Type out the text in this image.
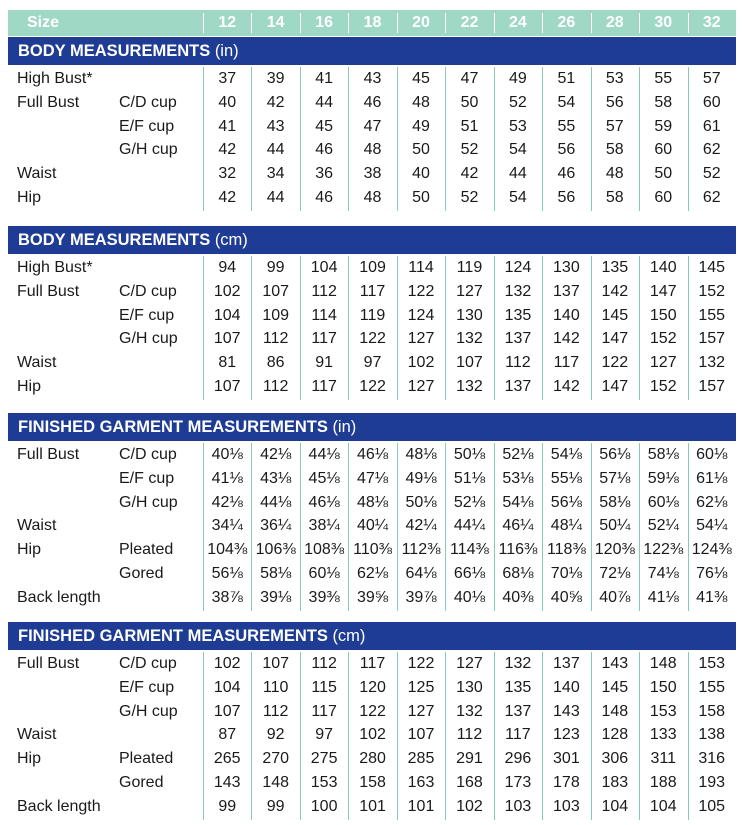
Size	12	14	16	18	20	22	24	26	28	30	32
BODY MEASUREMENTS (in)
High Bust*	37	39	41	43	45	47	49	51	53	55	57
Full Bust C/D cup	40	42	44	46	48	50	52	54	56	58	60
E/F cup	41	43	45	47	49	51	53	55	57	59	61
G/H cup	42	44	46	48	50	52	54	56	58	60	62
Waist	32	34	36	38	40	42	44	46	48	50	52
Hip	42	44	46	48	50	52	54	56	58	60	62
BODY MEASUREMENTS (cm)
High Bust*	94	99	104	109	114	119	124	130	135	140	145
Full Bust C/D cup	102	107	112	117	122	127	132	137	142	147	152
E/F cup	104	109	114	119	124	130	135	140	145	150	155
G/H cup	107	112	117	122	127	132	137	142	147	152	157
Waist	81	86	91	97	102	107	112	117	122	127	132
Hip	107	112	117	122	127	132	137	142	147	152	157
FINISHED GARMENT MEASUREMENTS (in)
Full Bust C/D cup	40⅛	42⅛	44⅛	46⅛	48⅛	50⅛	52⅛	54⅛	56⅛	58⅛	60⅛
E/F cup	41⅛	43⅛	45⅛	47⅛	49⅛	51⅛	53⅛	55⅛	57⅛	59⅛	61⅛
G/H cup	42⅛	44⅛	46⅛	48⅛	50⅛	52⅛	54⅛	56⅛	58⅛	60⅛	62⅛
Waist	34¼	36¼	38¼	40¼	42¼	44¼	46¼	48¼	50¼	52¼	54¼
Hip	Pleated 104⅜ 106⅜ 108⅜ 110⅜ 112⅜ 114⅜ 116⅜ 118⅜ 120⅜ 122⅜ 124⅜
Gored	56⅛	58⅛	60⅛	62⅛	64⅛	66⅛	68⅛	70⅛	72⅛	74⅛	76⅛
Back length	38⅞	39⅛	39⅜	39⅝	39⅞	40⅛	40⅜	40⅝	40⅞	41⅛	41⅜
FINISHED GARMENT MEASUREMENTS (cm)
Full Bust C/D cup	102	107	112	117	122	127	132	137	143	148	153
E/F cup	104	110	115	120	125	130	135	140	145	150	155
G/H cup	107	112	117	122	127	132	137	143	148	153	158
Waist	87	92	97	102	107	112	117	123	128	133	138
Hip	Pleated	265	270	275	280	285	291	296	301	306	311	316
Gored	143	148	153	158	163	168	173	178	183	188	193
Back length	99	99	100	101	101	102	103	103	104	104	105
